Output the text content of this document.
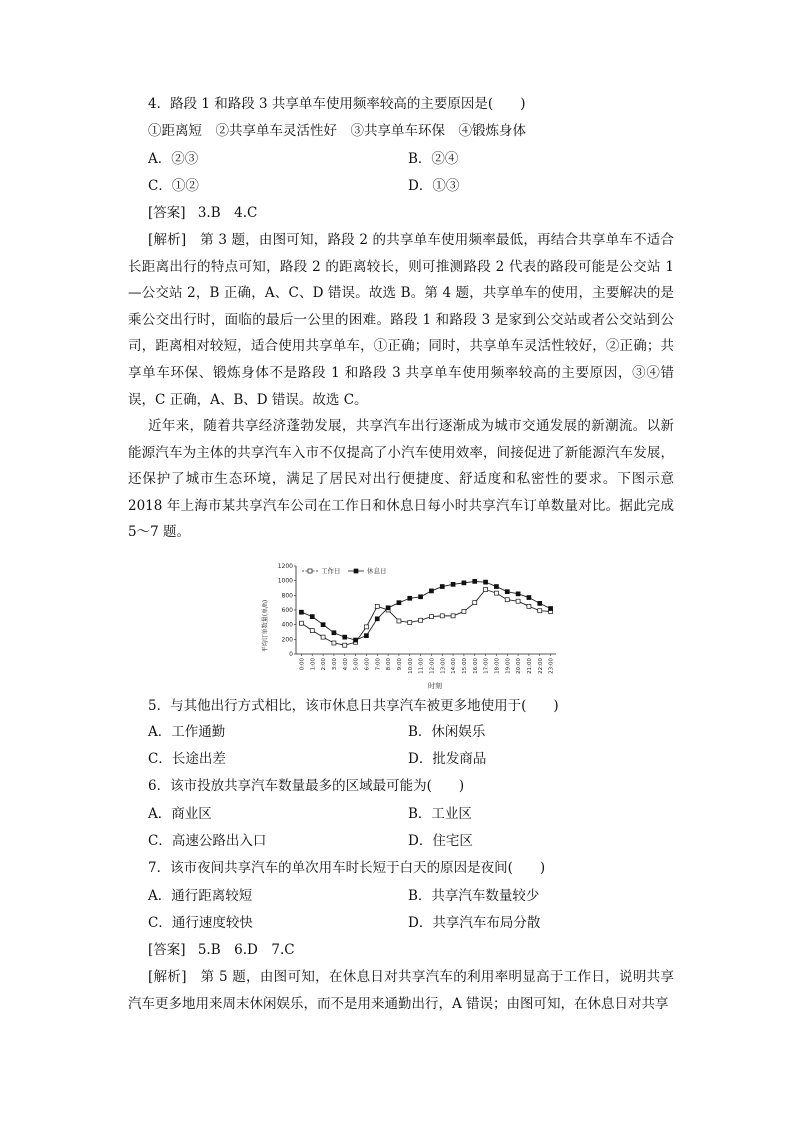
4．路段 1 和路段 3 共享单车使用频率较高的主要原因是(　　)
①距离短　②共享单车灵活性好　③共享单车环保　④锻炼身体
A．②③	B．②④
C．①②	D．①③
[答案] 3.B　4.C

[解析]　 第 3 题，由图可知，路段 2 的共享单车使用频率最低，再结合共享单车不适合长距离出行的特点可知，路段 2 的距离较长，则可推测路段 2 代表的路段可能是公交站 1—公交站 2，B 正确，A、C、D 错误。故选 B。第 4 题，共享单车的使用，主要解决的是乘公交出行时，面临的最后一公里的困难。路段 1 和路段 3 是家到公交站或者公交站到公司，距离相对较短，适合使用共享单车，①正确；同时，共享单车灵活性较好，②正确；共享单车环保、锻炼身体不是路段 1 和路段 3 共享单车使用频率较高的主要原因，③④错误，C 正确，A、B、D 错误。故选 C。

近年来，随着共享经济蓬勃发展，共享汽车出行逐渐成为城市交通发展的新潮流。以新能源汽车为主体的共享汽车入市不仅提高了小汽车使用效率，间接促进了新能源汽车发展，还保护了城市生态环境，满足了居民对出行便捷度、舒适度和私密性的要求。下图示意 2018 年上海市某共享汽车公司在工作日和休息日每小时共享汽车订单数量对比。据此完成 5～7 题。

0
200
400
600
800
1000
1200
0:00 1:00 2:00 3:00 4:00 5:00 6:00 7:00 8:00 9:00 10:00 11:00 12:00 13:00 14:00 15:00 16:00 17:00 18:00 19:00 20:00 21:00 22:00 23:00
工作日	休息日
平均订单数量(单/h)
时刻
5．与其他出行方式相比，该市休息日共享汽车被更多地使用于(　　)
A．工作通勤	B．休闲娱乐
C．长途出差	D．批发商品
6．该市投放共享汽车数量最多的区域最可能为(　　)
A．商业区	B．工业区
C．高速公路出入口	D．住宅区
7．该市夜间共享汽车的单次用车时长短于白天的原因是夜间(　　)
A．通行距离较短	B．共享汽车数量较少
C．通行速度较快	D．共享汽车布局分散
[答案] 5.B　6.D　7.C

[解析]　 第 5 题，由图可知，在休息日对共享汽车的利用率明显高于工作日，说明共享汽车更多地用来周末休闲娱乐，而不是用来通勤出行，A 错误；由图可知，在休息日对共享
